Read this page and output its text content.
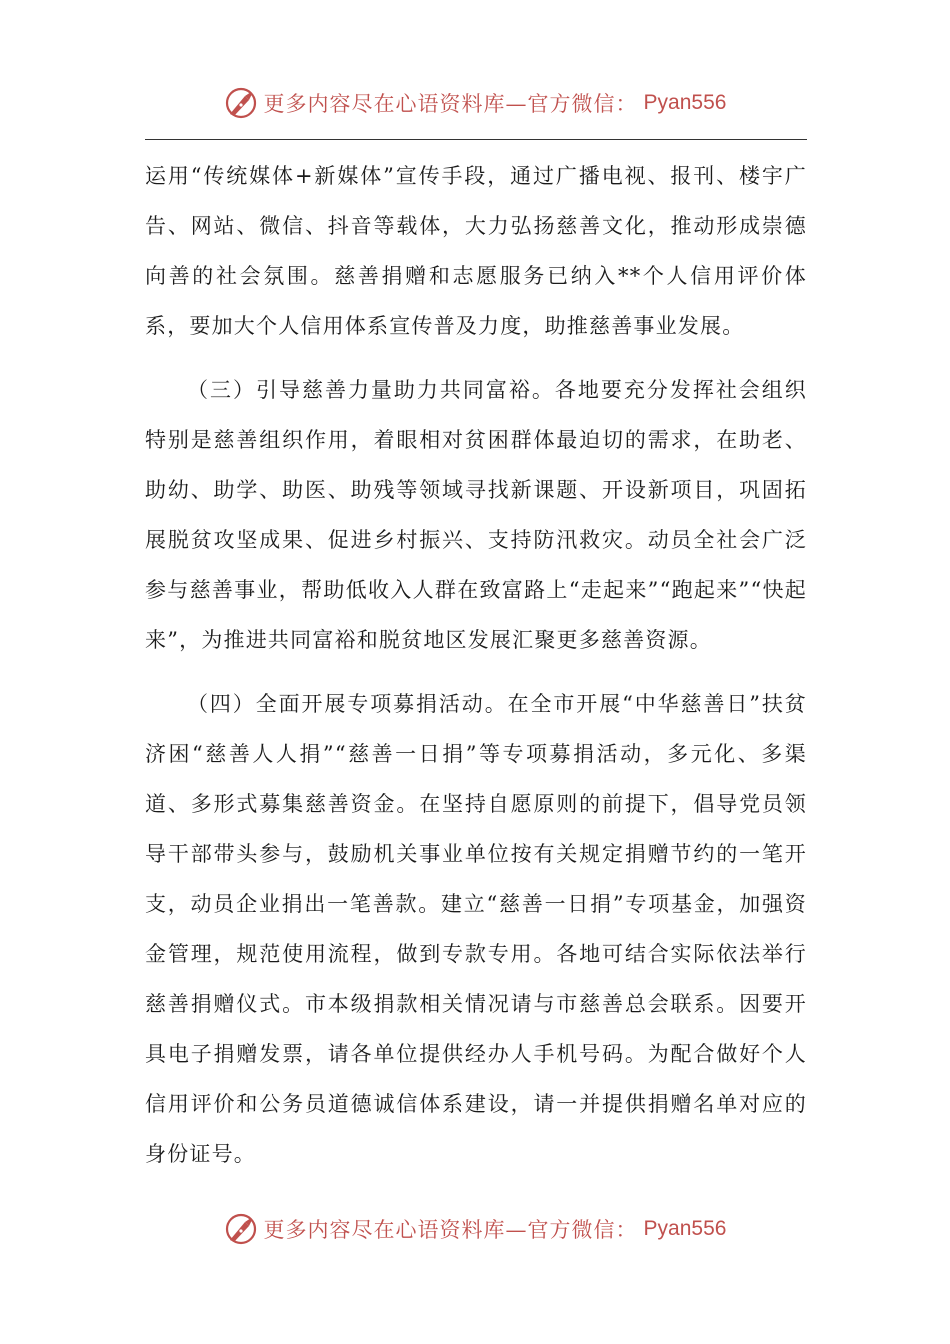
更多内容尽在心语资料库—官方微信： Pyan556

运用“传统媒体+新媒体”宣传手段，通过广播电视、报刊、楼宇广告、网站、微信、抖音等载体，大力弘扬慈善文化，推动形成崇德向善的社会氛围。慈善捐赠和志愿服务已纳入**个人信用评价体系，要加大个人信用体系宣传普及力度，助推慈善事业发展。

（三）引导慈善力量助力共同富裕。各地要充分发挥社会组织特别是慈善组织作用，着眼相对贫困群体最迫切的需求，在助老、助幼、助学、助医、助残等领域寻找新课题、开设新项目，巩固拓展脱贫攻坚成果、促进乡村振兴、支持防汛救灾。动员全社会广泛参与慈善事业，帮助低收入人群在致富路上“走起来”“跑起来”“快起来”，为推进共同富裕和脱贫地区发展汇聚更多慈善资源。

（四）全面开展专项募捐活动。在全市开展“中华慈善日”扶贫济困“慈善人人捐”“慈善一日捐”等专项募捐活动，多元化、多渠道、多形式募集慈善资金。在坚持自愿原则的前提下，倡导党员领导干部带头参与，鼓励机关事业单位按有关规定捐赠节约的一笔开支，动员企业捐出一笔善款。建立“慈善一日捐”专项基金，加强资金管理，规范使用流程，做到专款专用。各地可结合实际依法举行慈善捐赠仪式。市本级捐款相关情况请与市慈善总会联系。因要开具电子捐赠发票，请各单位提供经办人手机号码。为配合做好个人信用评价和公务员道德诚信体系建设，请一并提供捐赠名单对应的身份证号。

更多内容尽在心语资料库—官方微信： Pyan556
